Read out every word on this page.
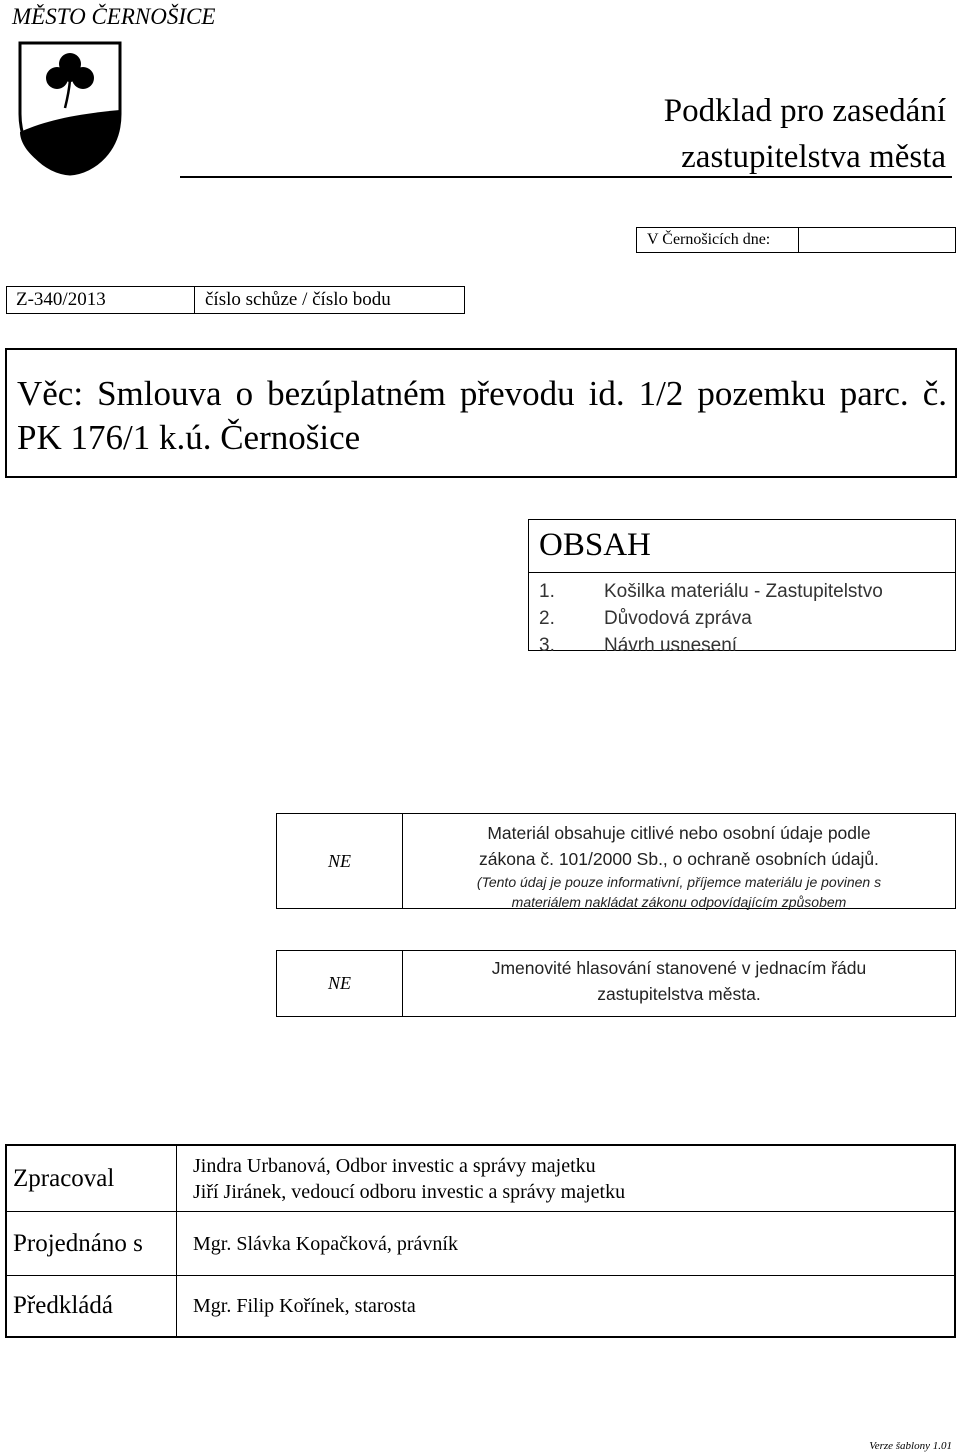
MĚSTO ČERNOŠICE
Podklad pro zasedání
zastupitelstva města
V Černošicích dne:
Z-340/2013	číslo schůze / číslo bodu
Věc: Smlouva o bezúplatném převodu id. 1/2 pozemku parc. č. PK 176/1 k.ú. Černošice
OBSAH
1.	Košilka materiálu - Zastupitelstvo
2.	Důvodová zpráva
3.	Návrh usnesení
NE
Materiál obsahuje citlivé nebo osobní údaje podle
zákona č. 101/2000 Sb., o ochraně osobních údajů.
(Tento údaj je pouze informativní, příjemce materiálu je povinen s
materiálem nakládat zákonu odpovídajícím způsobem
NE
Jmenovité hlasování stanovené v jednacím řádu
zastupitelstva města.
Zpracoval	Jindra Urbanová, Odbor investic a správy majetku
Jiří Jiránek, vedoucí odboru investic a správy majetku
Projednáno s	Mgr. Slávka Kopačková, právník
Předkládá	Mgr. Filip Kořínek, starosta
Verze šablony 1.01
